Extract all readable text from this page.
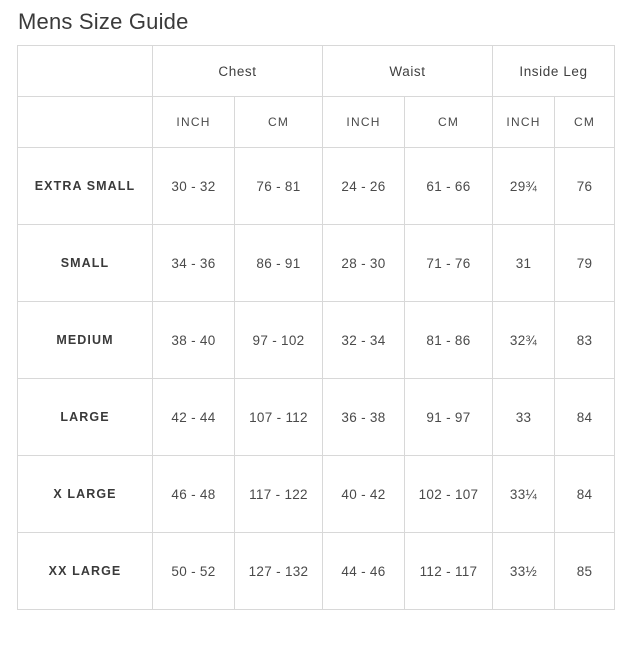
Mens Size Guide
	Chest		Waist		Inside Leg	
	INCH	CM	INCH	CM	INCH	CM
EXTRA SMALL	30 - 32	76 - 81	24 - 26	61 - 66	29¾	76
SMALL	34 - 36	86 - 91	28 - 30	71 - 76	31	79
MEDIUM	38 - 40	97 - 102	32 - 34	81 - 86	32¾	83
LARGE	42 - 44	107 - 112	36 - 38	91 - 97	33	84
X LARGE	46 - 48	117 - 122	40 - 42	102 - 107	33¼	84
XX LARGE	50 - 52	127 - 132	44 - 46	112 - 117	33½	85
